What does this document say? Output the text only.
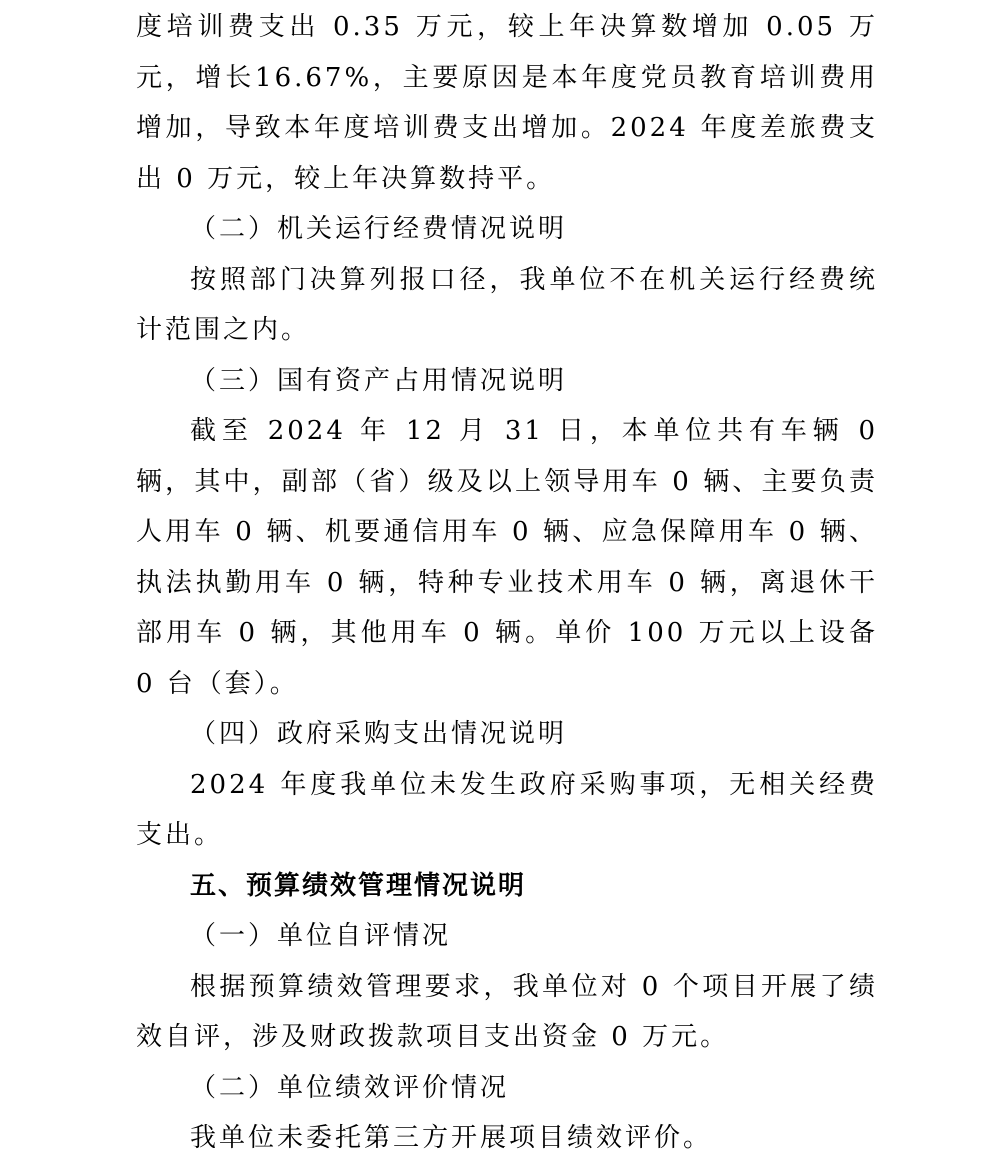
度培训费支出 0.35 万元，较上年决算数增加 0.05 万元，增长16.67%，主要原因是本年度党员教育培训费用增加，导致本年度培训费支出增加。2024 年度差旅费支出 0 万元，较上年决算数持平。

（二）机关运行经费情况说明

按照部门决算列报口径，我单位不在机关运行经费统计范围之内。

（三）国有资产占用情况说明

截至 2024 年 12 月 31 日，本单位共有车辆 0 辆，其中，副部（省）级及以上领导用车 0 辆、主要负责人用车 0 辆、机要通信用车 0 辆、应急保障用车 0 辆、执法执勤用车 0 辆，特种专业技术用车 0 辆，离退休干部用车 0 辆，其他用车 0 辆。单价 100 万元以上设备 0 台（套）。

（四）政府采购支出情况说明

2024 年度我单位未发生政府采购事项，无相关经费支出。

五、预算绩效管理情况说明

（一）单位自评情况

根据预算绩效管理要求，我单位对 0 个项目开展了绩效自评，涉及财政拨款项目支出资金 0 万元。

（二）单位绩效评价情况

我单位未委托第三方开展项目绩效评价。
